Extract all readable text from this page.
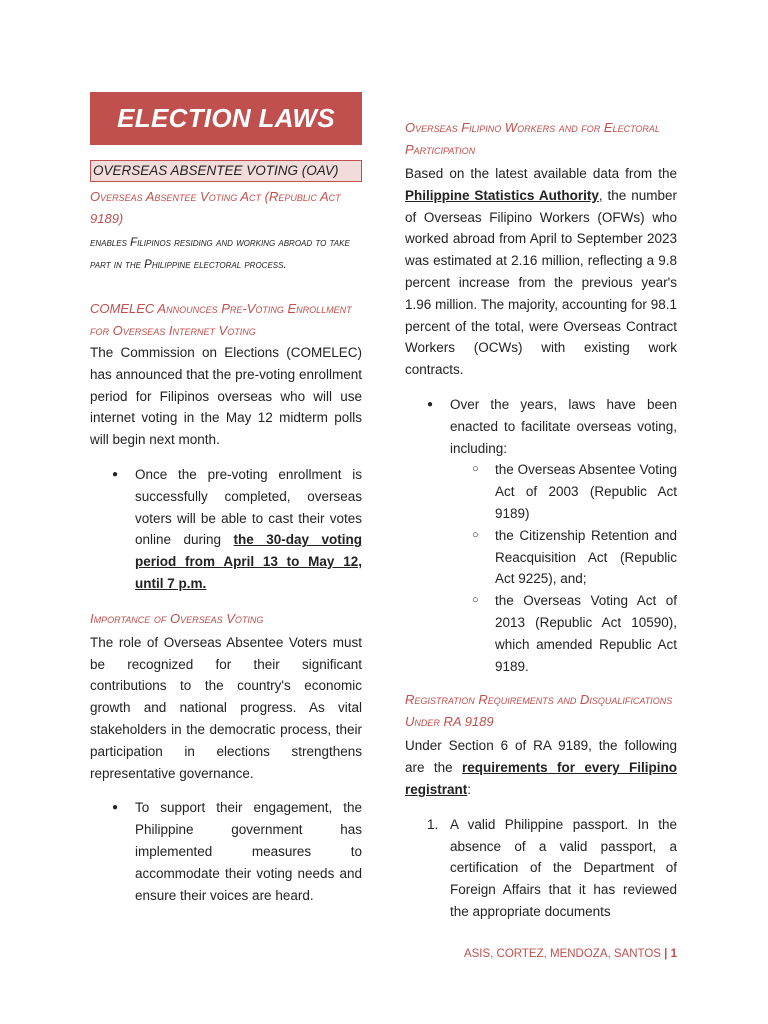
ELECTION LAWS
OVERSEAS ABSENTEE VOTING (OAV)

Overseas Absentee Voting Act (Republic Act 9189)

enables Filipinos residing and working abroad to take part in the Philippine electoral process.

COMELEC Announces Pre-Voting Enrollment for Overseas Internet Voting

The Commission on Elections (COMELEC) has announced that the pre-voting enrollment period for Filipinos overseas who will use internet voting in the May 12 midterm polls will begin next month.

● Once the pre-voting enrollment is successfully completed, overseas voters will be able to cast their votes online during the 30-day voting period from April 13 to May 12, until 7 p.m.

Importance of Overseas Voting

The role of Overseas Absentee Voters must be recognized for their significant contributions to the country's economic growth and national progress. As vital stakeholders in the democratic process, their participation in elections strengthens representative governance.

● To support their engagement, the Philippine government has implemented measures to accommodate their voting needs and ensure their voices are heard.

Overseas Filipino Workers and for Electoral Participation

Based on the latest available data from the Philippine Statistics Authority, the number of Overseas Filipino Workers (OFWs) who worked abroad from April to September 2023 was estimated at 2.16 million, reflecting a 9.8 percent increase from the previous year's 1.96 million. The majority, accounting for 98.1 percent of the total, were Overseas Contract Workers (OCWs) with existing work contracts.

● Over the years, laws have been enacted to facilitate overseas voting, including:
○ the Overseas Absentee Voting Act of 2003 (Republic Act 9189)
○ the Citizenship Retention and Reacquisition Act (Republic Act 9225), and;
○ the Overseas Voting Act of 2013 (Republic Act 10590), which amended Republic Act 9189.

Registration Requirements and Disqualifications Under RA 9189

Under Section 6 of RA 9189, the following are the requirements for every Filipino registrant:

1. A valid Philippine passport. In the absence of a valid passport, a certification of the Department of Foreign Affairs that it has reviewed the appropriate documents
ASIS, CORTEZ, MENDOZA, SANTOS | 1
